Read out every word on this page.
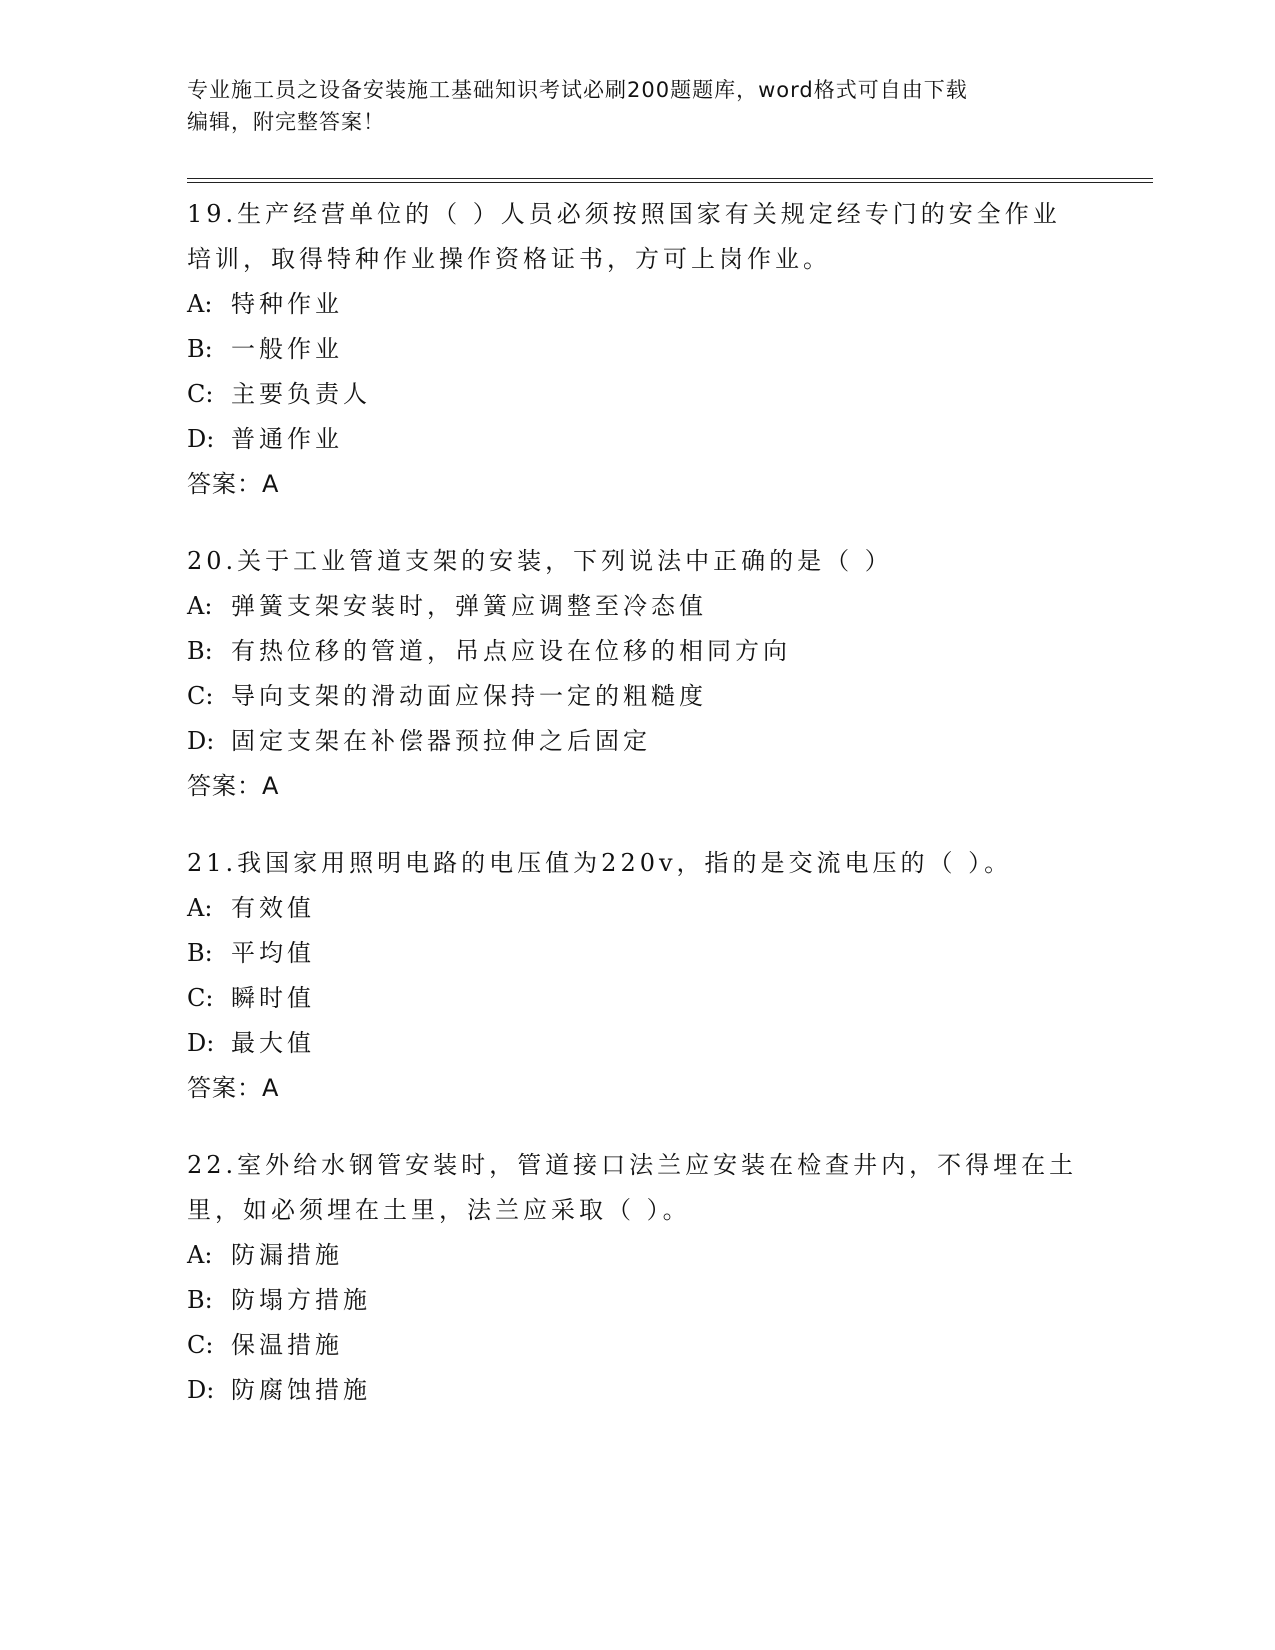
专业施工员之设备安装施工基础知识考试必刷200题题库，word格式可自由下载
编辑，附完整答案！
19.生产经营单位的（ ）人员必须按照国家有关规定经专门的安全作业培训，取得特种作业操作资格证书，方可上岗作业。
A: 特种作业
B: 一般作业
C: 主要负责人
D: 普通作业
答案：A
20.关于工业管道支架的安装，下列说法中正确的是（ ）
A: 弹簧支架安装时，弹簧应调整至冷态值
B: 有热位移的管道，吊点应设在位移的相同方向
C: 导向支架的滑动面应保持一定的粗糙度
D: 固定支架在补偿器预拉伸之后固定
答案：A
21.我国家用照明电路的电压值为220v，指的是交流电压的（ ）。
A: 有效值
B: 平均值
C: 瞬时值
D: 最大值
答案：A
22.室外给水钢管安装时，管道接口法兰应安装在检查井内，不得埋在土里，如必须埋在土里，法兰应采取（ ）。
A: 防漏措施
B: 防塌方措施
C: 保温措施
D: 防腐蚀措施
